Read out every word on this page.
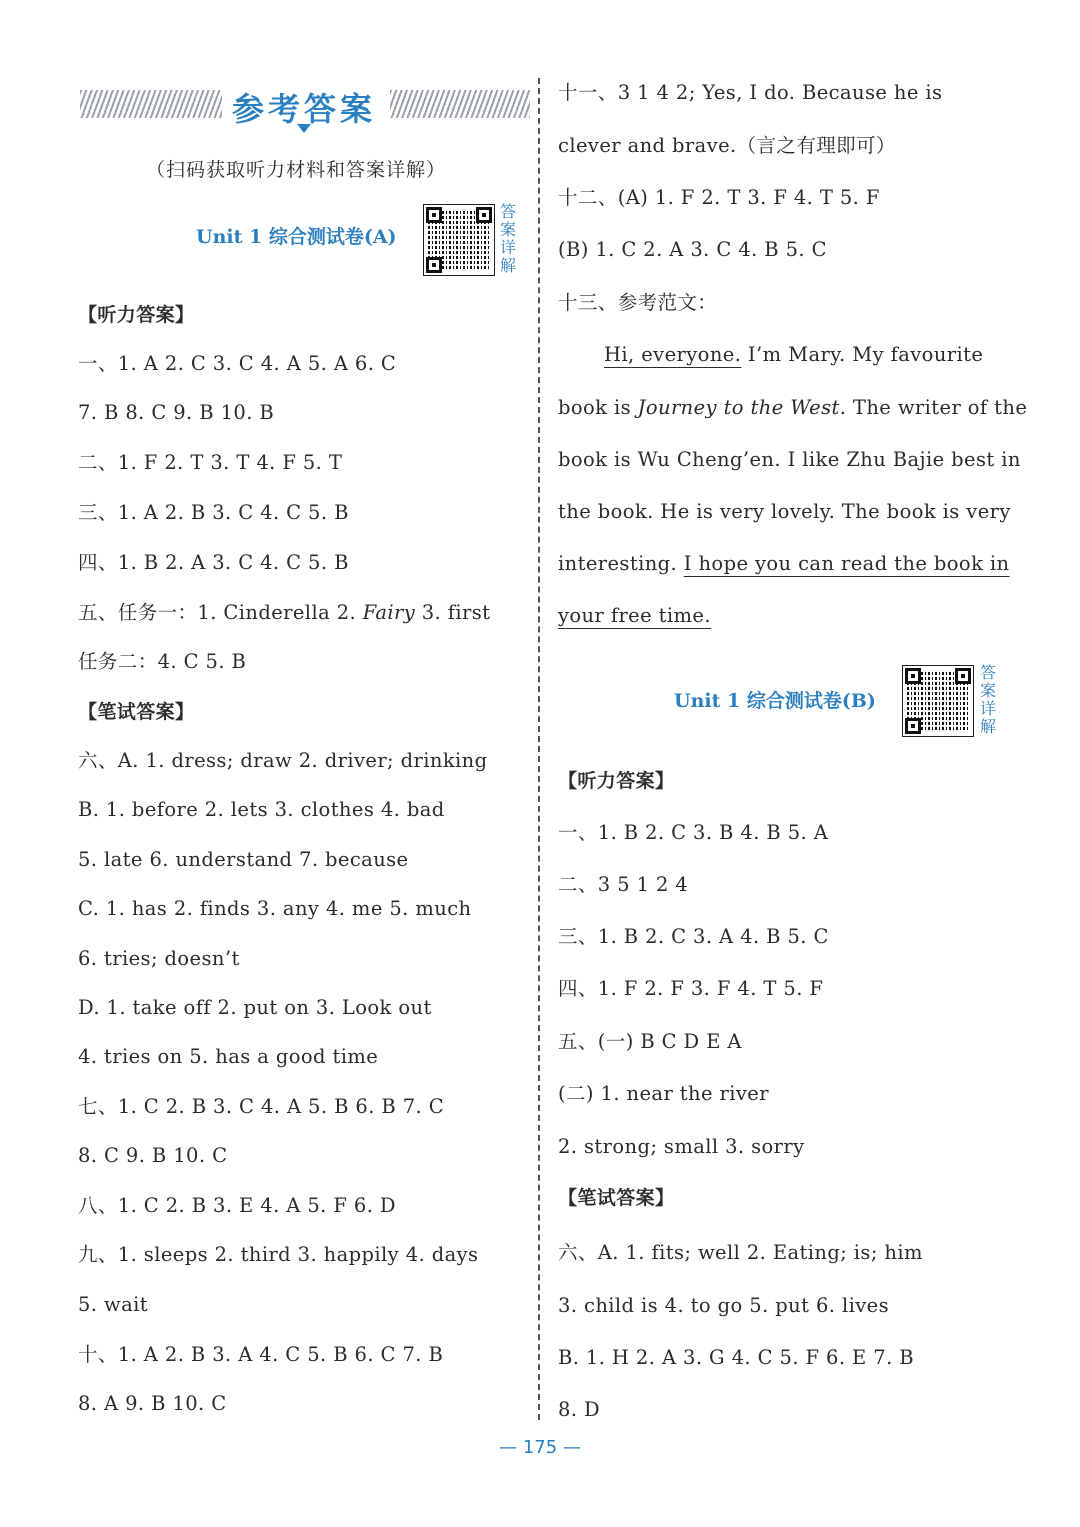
参考答案
（扫码获取听力材料和答案详解）
Unit 1 综合测试卷(A)
答案详解
【听力答案】
一、1. A 2. C 3. C 4. A 5. A 6. C
7. B 8. C 9. B 10. B
二、1. F 2. T 3. T 4. F 5. T
三、1. A 2. B 3. C 4. C 5. B
四、1. B 2. A 3. C 4. C 5. B
五、任务一：1. Cinderella 2. Fairy 3. first
任务二：4. C 5. B
【笔试答案】
六、A. 1. dress; draw 2. driver; drinking
B. 1. before 2. lets 3. clothes 4. bad
5. late 6. understand 7. because
C. 1. has 2. finds 3. any 4. me 5. much
6. tries; doesn’t
D. 1. take off 2. put on 3. Look out
4. tries on 5. has a good time
七、1. C 2. B 3. C 4. A 5. B 6. B 7. C
8. C 9. B 10. C
八、1. C 2. B 3. E 4. A 5. F 6. D
九、1. sleeps 2. third 3. happily 4. days
5. wait
十、1. A 2. B 3. A 4. C 5. B 6. C 7. B
8. A 9. B 10. C
Unit 1 综合测试卷(B)
答案详解
十一、3 1 4 2; Yes, I do. Because he is
clever and brave.（言之有理即可）
十二、(A) 1. F 2. T 3. F 4. T 5. F
(B) 1. C 2. A 3. C 4. B 5. C
十三、参考范文：
Hi, everyone. I’m Mary. My favourite
book is Journey to the West. The writer of the
book is Wu Cheng’en. I like Zhu Bajie best in
the book. He is very lovely. The book is very
interesting. I hope you can read the book in
your free time.
【听力答案】
一、1. B 2. C 3. B 4. B 5. A
二、3 5 1 2 4
三、1. B 2. C 3. A 4. B 5. C
四、1. F 2. F 3. F 4. T 5. F
五、(一) B C D E A
(二) 1. near the river
2. strong; small 3. sorry
【笔试答案】
六、A. 1. fits; well 2. Eating; is; him
3. child is 4. to go 5. put 6. lives
B. 1. H 2. A 3. G 4. C 5. F 6. E 7. B
8. D
— 175 —
